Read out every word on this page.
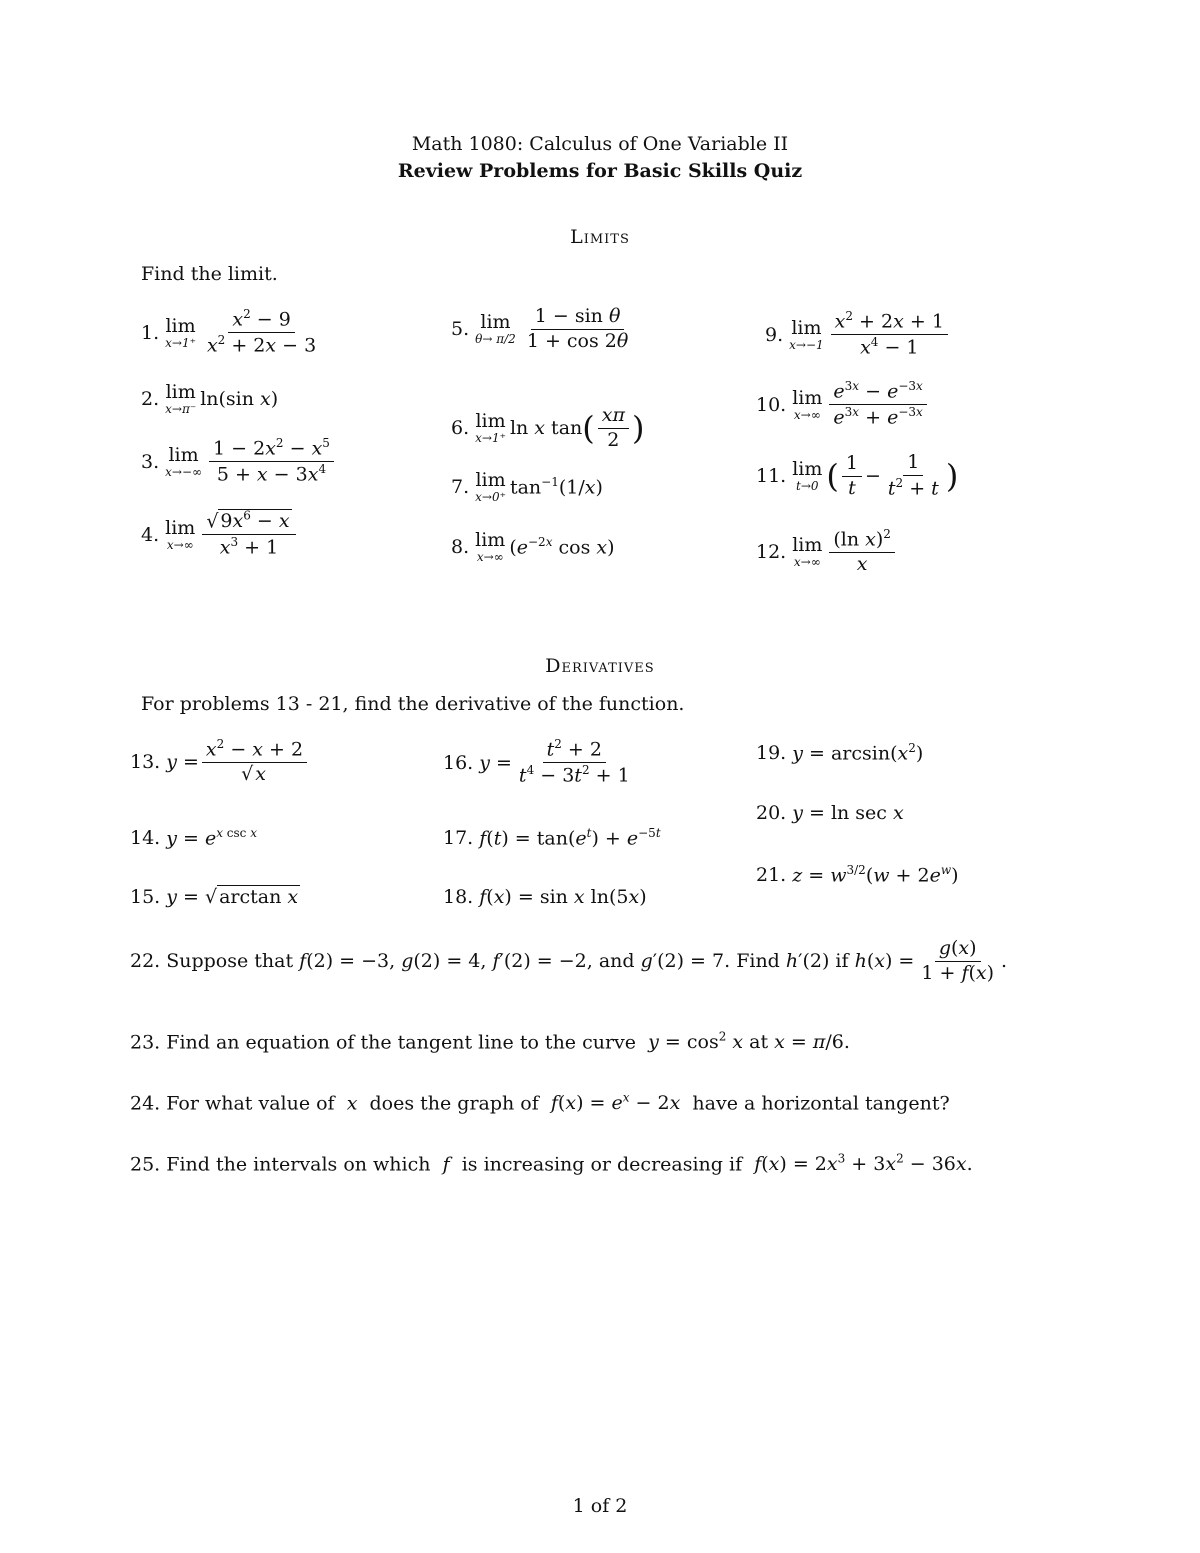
Math 1080: Calculus of One Variable II
Review Problems for Basic Skills Quiz
Limits
Find the limit.
1. lim
$x\to 1^+ \frac{x^2 - 9}{x^2 + 2x - 3}$
2. lim
x→π⁻ ln(sin x)
3. lim
$x\to-\infty \frac{1 - 2x^2 - x^5}{5 + x - 3x^4}$
4. lim
$x\to\infty \frac{√ 9x^6 - x}{x^3 + 1}$
5. lim
$\theta\to \pi/2 \frac{\text{1 − sin θ}}{1 + \cos 2\theta}$
6. lim
x→1⁺ ln x tan ( $\frac{x\pi}{2}$ )
7. lim
x→0⁺ $\tan^{-1}(1/x)$
8. lim
x→∞ ($e^{-2x}$ cos x)
9. lim
$x\to-1 \frac{x^2 + 2x + 1}{x^4 - 1}$
10. lim
$x\to\infty \frac{e^{3x} - e^{-3x}}{e^{3x} + e^{-3x}}$
11. lim
t→0 ( $\frac{1}{t} - \frac{1}{t^2 + t}$ )
12. lim
$x\to\infty \frac{(\ln x)^2}{x}$
Derivatives
For problems 13 - 21, find the derivative of the function.
13. $y = \frac{x^2 - x + 2}{√ x}$
14. $y = e^{x csc x}$
15. y = √ arctan x
16. $y = \frac{t^2 + 2}{t^4 - 3t^2 + 1}$
17. $f(t) = \tan(e^t) + e^{-5t}$
18. f(x) = sin x ln(5x)
19. $y = \arcsin(x^2)$
20. y = ln sec x
21. $z = w^{3/2}(w + 2e^w)$
22. Suppose that f(2) = −3, g(2) = 4, f′(2) = −2, and g′(2) = 7. Find h′(2) if $h(x) = \frac{g(x)}{1 + f(x)}$ .
23. Find an equation of the tangent line to the curve $y = \cos^2 x$ at x = π/6.
24. For what value of x does the graph of $f(x) = e^x - 2x$ have a horizontal tangent?
25. Find the intervals on which f is increasing or decreasing if $f(x) = 2x^3 + 3x^2 - 36x$.
1 of 2
